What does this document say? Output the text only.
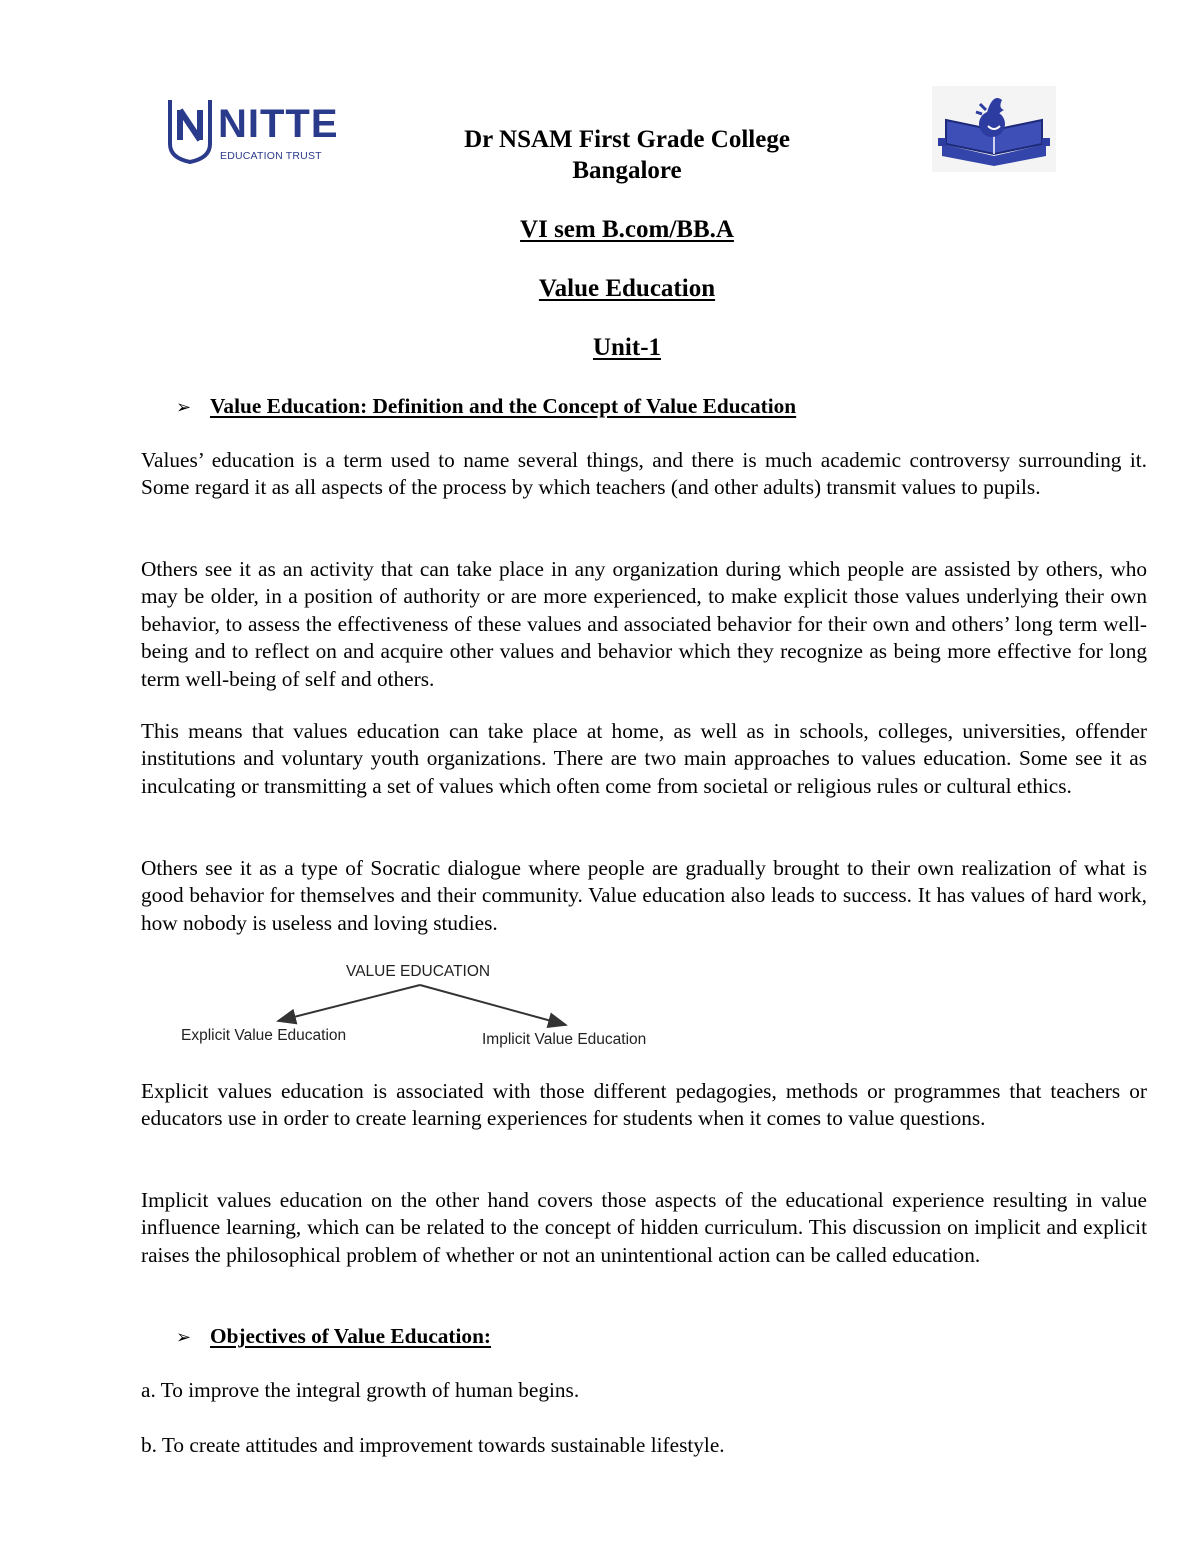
NITTE
EDUCATION TRUST
Dr NSAM First Grade College
Bangalore
VI sem B.com/BB.A
Value Education
Unit-1
➢ Value Education: Definition and the Concept of Value Education

Values’ education is a term used to name several things, and there is much academic controversy surrounding it. Some regard it as all aspects of the process by which teachers (and other adults) transmit values to pupils.

Others see it as an activity that can take place in any organization during which people are assisted by others, who may be older, in a position of authority or are more experienced, to make explicit those values underlying their own behavior, to assess the effectiveness of these values and associated behavior for their own and others’ long term well-being and to reflect on and acquire other values and behavior which they recognize as being more effective for long term well-being of self and others.

This means that values education can take place at home, as well as in schools, colleges, universities, offender institutions and voluntary youth organizations. There are two main approaches to values education. Some see it as inculcating or transmitting a set of values which often come from societal or religious rules or cultural ethics.

Others see it as a type of Socratic dialogue where people are gradually brought to their own realization of what is good behavior for themselves and their community. Value education also leads to success. It has values of hard work, how nobody is useless and loving studies.

VALUE EDUCATION
Explicit Value Education	Implicit Value Education

Explicit values education is associated with those different pedagogies, methods or programmes that teachers or educators use in order to create learning experiences for students when it comes to value questions.

Implicit values education on the other hand covers those aspects of the educational experience resulting in value influence learning, which can be related to the concept of hidden curriculum. This discussion on implicit and explicit raises the philosophical problem of whether or not an unintentional action can be called education.

➢ Objectives of Value Education:

a. To improve the integral growth of human begins.

b. To create attitudes and improvement towards sustainable lifestyle.
